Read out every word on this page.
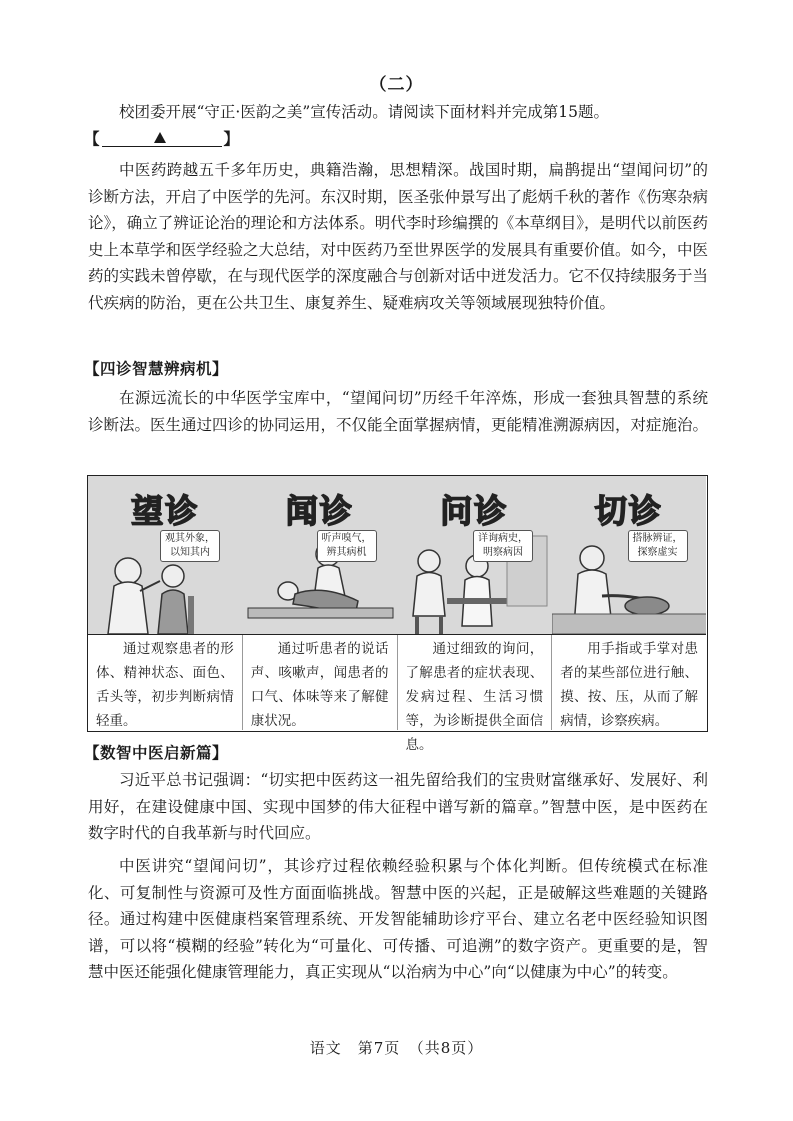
（二）
校团委开展“守正·医韵之美”宣传活动。请阅读下面材料并完成第15题。
【	】

中医药跨越五千多年历史，典籍浩瀚，思想精深。战国时期，扁鹊提出“望闻问切”的诊断方法，开启了中医学的先河。东汉时期，医圣张仲景写出了彪炳千秋的著作《伤寒杂病论》，确立了辨证论治的理论和方法体系。明代李时珍编撰的《本草纲目》，是明代以前医药史上本草学和医学经验之大总结，对中医药乃至世界医学的发展具有重要价值。如今，中医药的实践未曾停歇，在与现代医学的深度融合与创新对话中迸发活力。它不仅持续服务于当代疾病的防治，更在公共卫生、康复养生、疑难病攻关等领域展现独特价值。

【四诊智慧辨病机】

在源远流长的中华医学宝库中，“望闻问切”历经千年淬炼，形成一套独具智慧的系统诊断法。医生通过四诊的协同运用，不仅能全面掌握病情，更能精准溯源病因，对症施治。

望诊
观其外象，
以知其内
闻诊
听声嗅气，
辨其病机
问诊
详询病史，
明察病因
切诊
搭脉辨证，
探察虚实
通过观察患者的形体、精神状态、面色、舌头等，初步判断病情轻重。
通过听患者的说话声、咳嗽声，闻患者的口气、体味等来了解健康状况。
通过细致的询问，了解患者的症状表现、发病过程、生活习惯等，为诊断提供全面信息。
用手指或手掌对患者的某些部位进行触、摸、按、压，从而了解病情，诊察疾病。
【数智中医启新篇】

习近平总书记强调：“切实把中医药这一祖先留给我们的宝贵财富继承好、发展好、利用好，在建设健康中国、实现中国梦的伟大征程中谱写新的篇章。”智慧中医，是中医药在数字时代的自我革新与时代回应。

中医讲究“望闻问切”，其诊疗过程依赖经验积累与个体化判断。但传统模式在标准化、可复制性与资源可及性方面面临挑战。智慧中医的兴起，正是破解这些难题的关键路径。通过构建中医健康档案管理系统、开发智能辅助诊疗平台、建立名老中医经验知识图谱，可以将“模糊的经验”转化为“可量化、可传播、可追溯”的数字资产。更重要的是，智慧中医还能强化健康管理能力，真正实现从“以治病为中心”向“以健康为中心”的转变。

语文　第7页　（共8页）
